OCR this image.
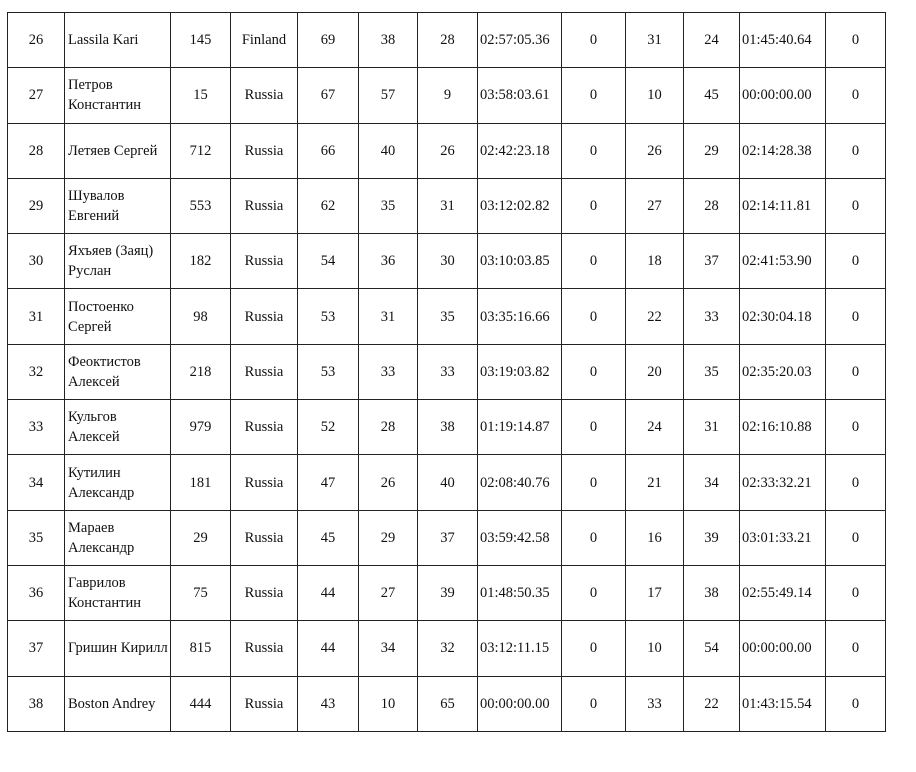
26	Lassila Kari	145	Finland	69	38	28	02:57:05.36	0	31	24	01:45:40.64	0
27	Петров Константин	15	Russia	67	57	9	03:58:03.61	0	10	45	00:00:00.00	0
28	Летяев Сергей	712	Russia	66	40	26	02:42:23.18	0	26	29	02:14:28.38	0
29	Шувалов Евгений	553	Russia	62	35	31	03:12:02.82	0	27	28	02:14:11.81	0
30	Яхъяев (Заяц) Руслан	182	Russia	54	36	30	03:10:03.85	0	18	37	02:41:53.90	0
31	Постоенко Сергей	98	Russia	53	31	35	03:35:16.66	0	22	33	02:30:04.18	0
32	Феоктистов Алексей	218	Russia	53	33	33	03:19:03.82	0	20	35	02:35:20.03	0
33	Кульгов Алексей	979	Russia	52	28	38	01:19:14.87	0	24	31	02:16:10.88	0
34	Кутилин Александр	181	Russia	47	26	40	02:08:40.76	0	21	34	02:33:32.21	0
35	Мараев Александр	29	Russia	45	29	37	03:59:42.58	0	16	39	03:01:33.21	0
36	Гаврилов Константин	75	Russia	44	27	39	01:48:50.35	0	17	38	02:55:49.14	0
37	Гришин Кирилл	815	Russia	44	34	32	03:12:11.15	0	10	54	00:00:00.00	0
38	Boston Andrey	444	Russia	43	10	65	00:00:00.00	0	33	22	01:43:15.54	0
